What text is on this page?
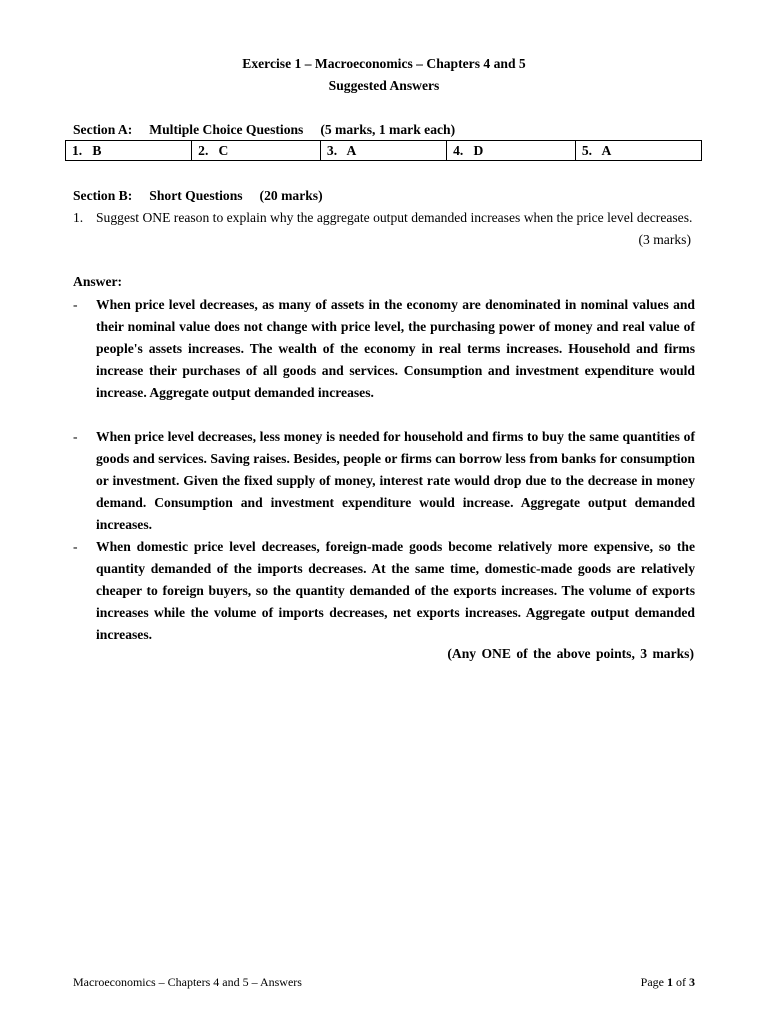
Exercise 1 – Macroeconomics – Chapters 4 and 5
Suggested Answers
Section A:     Multiple Choice Questions     (5 marks, 1 mark each)
1.   B	2.   C	3.   A	4.   D	5.   A
Section B:     Short Questions     (20 marks)
1. Suggest ONE reason to explain why the aggregate output demanded increases when the price level decreases.
(3 marks)
Answer:
- When price level decreases, as many of assets in the economy are denominated in nominal values and their nominal value does not change with price level, the purchasing power of money and real value of people's assets increases. The wealth of the economy in real terms increases. Household and firms increase their purchases of all goods and services. Consumption and investment expenditure would increase. Aggregate output demanded increases.
- When price level decreases, less money is needed for household and firms to buy the same quantities of goods and services. Saving raises. Besides, people or firms can borrow less from banks for consumption or investment. Given the fixed supply of money, interest rate would drop due to the decrease in money demand. Consumption and investment expenditure would increase. Aggregate output demanded increases.
- When domestic price level decreases, foreign-made goods become relatively more expensive, so the quantity demanded of the imports decreases. At the same time, domestic-made goods are relatively cheaper to foreign buyers, so the quantity demanded of the exports increases. The volume of exports increases while the volume of imports decreases, net exports increases. Aggregate output demanded increases.
(Any ONE of the above points, 3 marks)
Macroeconomics – Chapters 4 and 5 – Answers	Page 1 of 3
